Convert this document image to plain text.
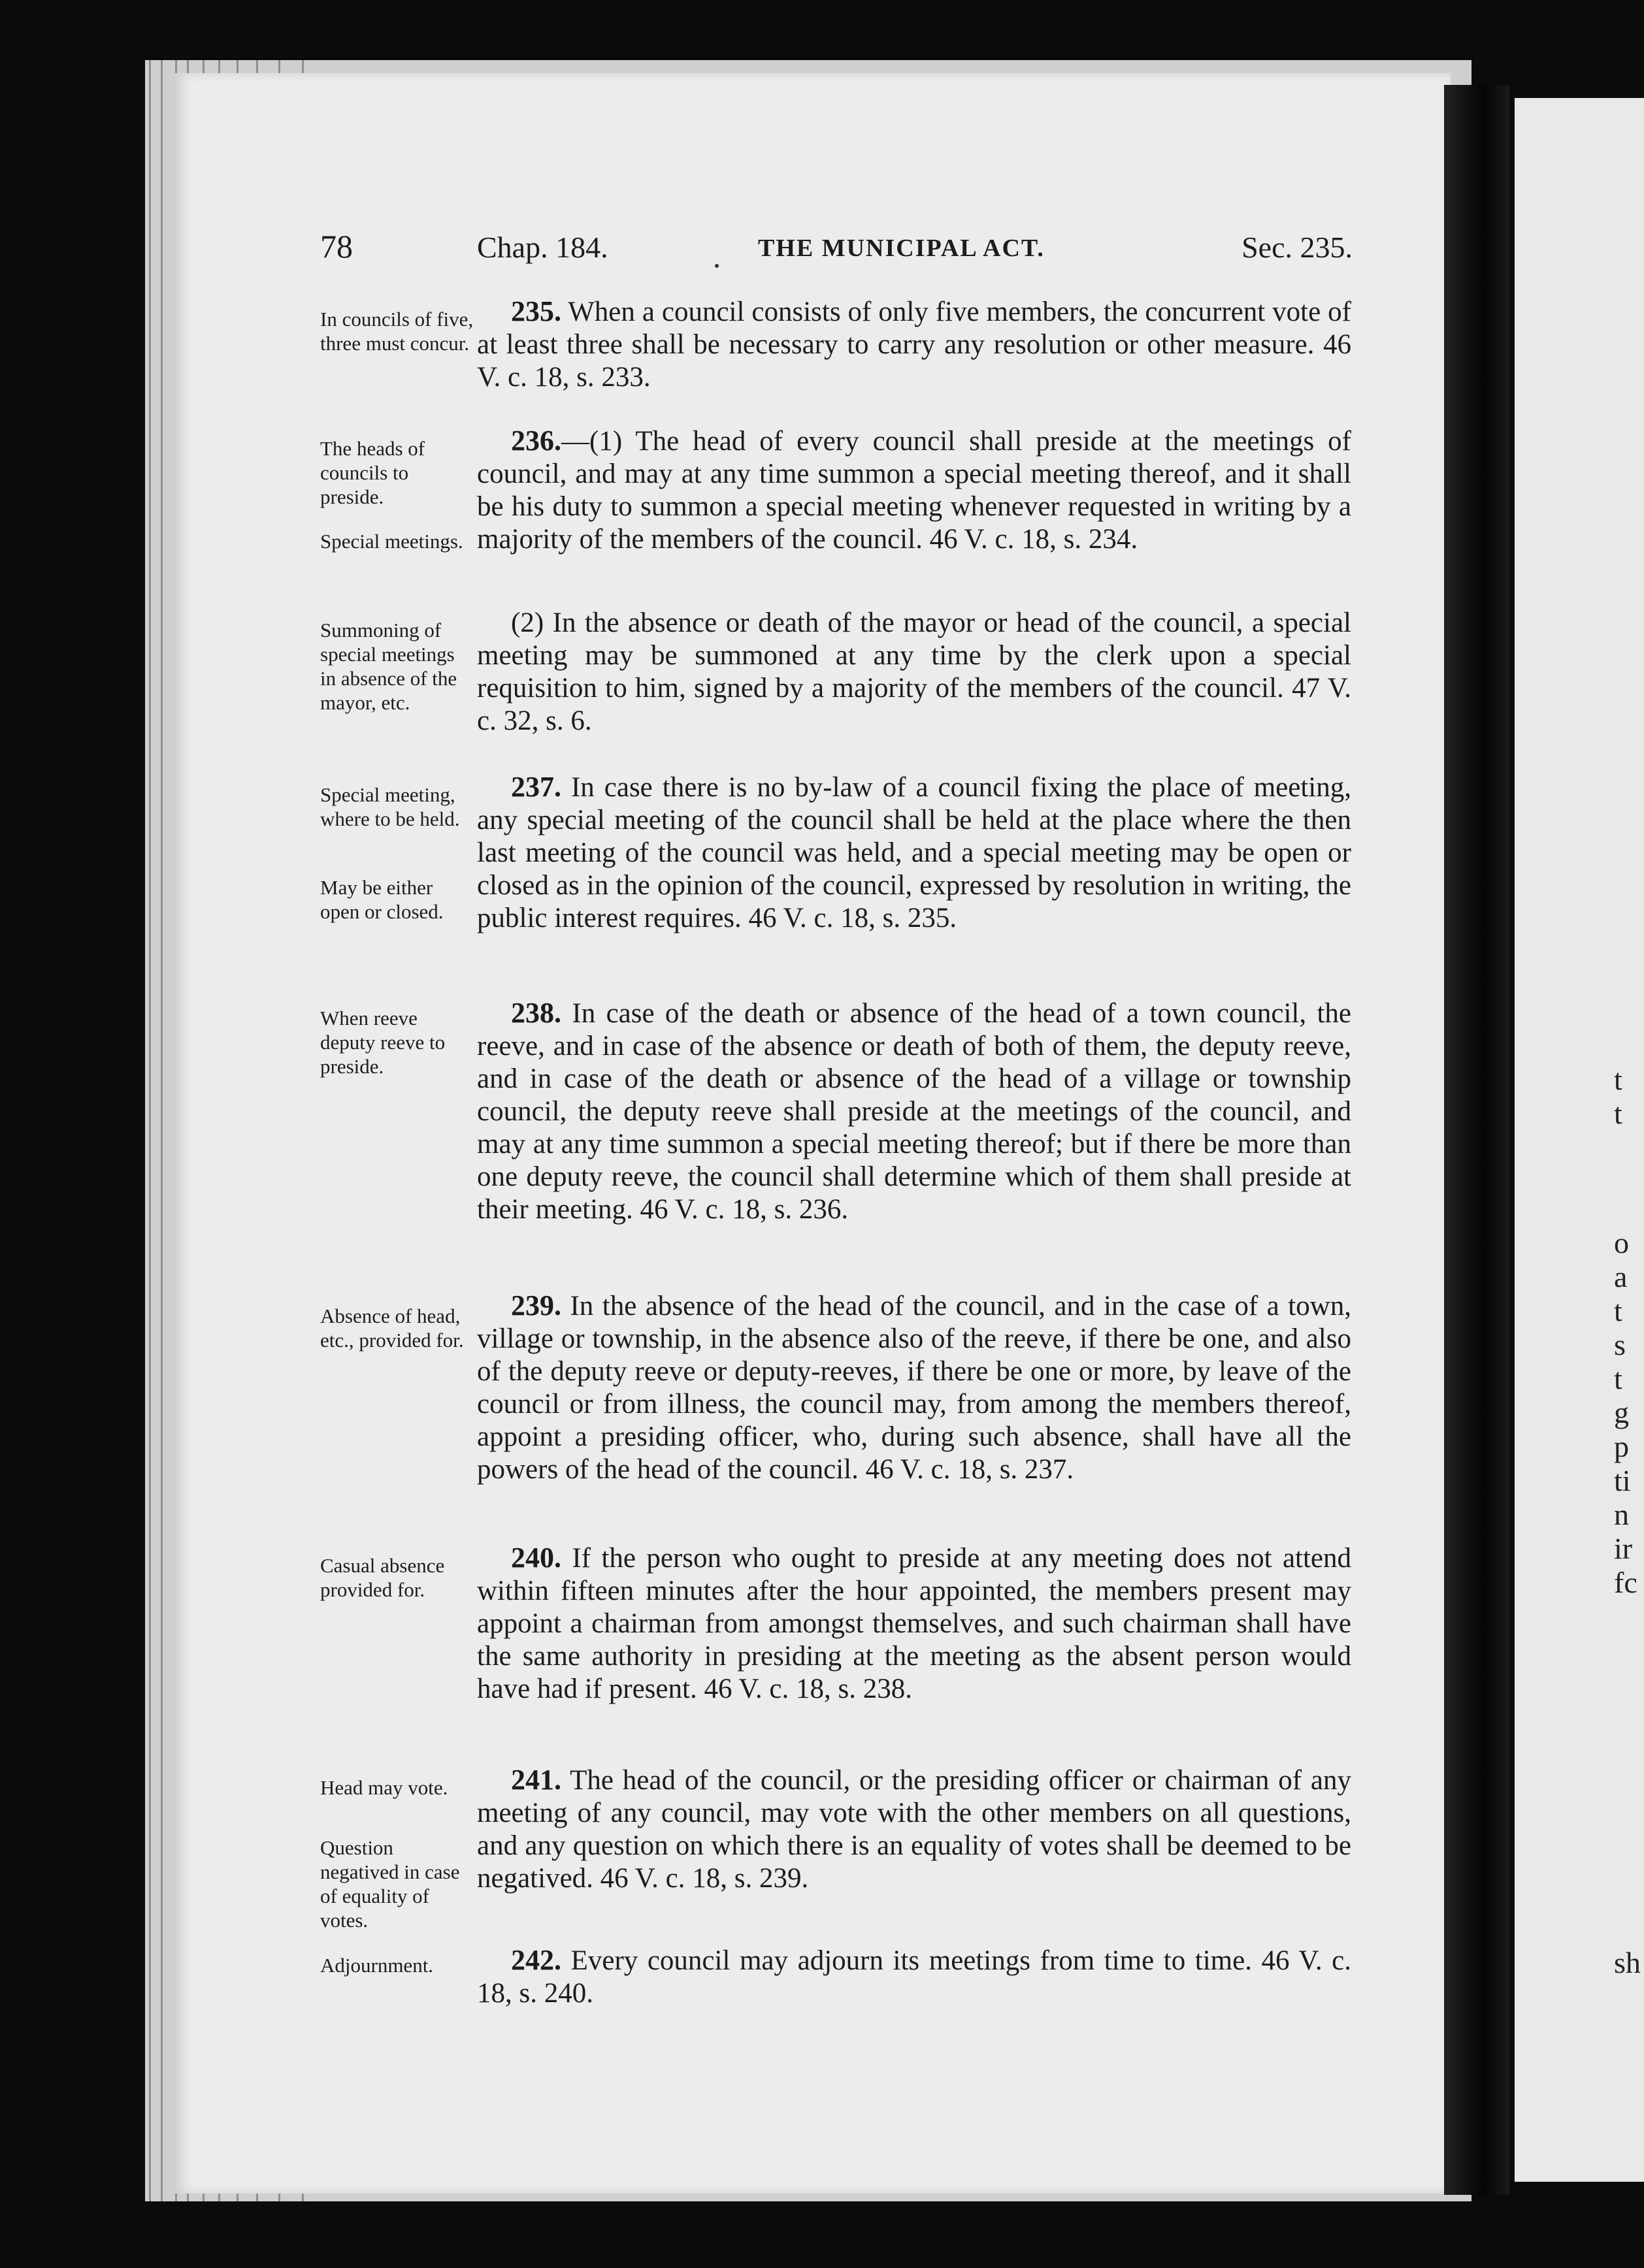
78	Chap. 184.	THE MUNICIPAL ACT.	Sec. 235.
In councils of five, three must concur.
The heads of councils to preside.
Special meetings.
Summoning of special meetings in absence of the mayor, etc.
Special meeting, where to be held.
May be either open or closed.
When reeve deputy reeve to preside.
Absence of head, etc., provided for.
Casual absence provided for.
Head may vote.
Question negatived in case of equality of votes.
Adjournment.
235. When a council consists of only five members, the concurrent vote of at least three shall be necessary to carry any resolution or other measure. 46 V. c. 18, s. 233.
236.—(1) The head of every council shall preside at the meetings of council, and may at any time summon a special meeting thereof, and it shall be his duty to summon a special meeting whenever requested in writing by a majority of the members of the council. 46 V. c. 18, s. 234.
(2) In the absence or death of the mayor or head of the council, a special meeting may be summoned at any time by the clerk upon a special requisition to him, signed by a majority of the members of the council. 47 V. c. 32, s. 6.
237. In case there is no by-law of a council fixing the place of meeting, any special meeting of the council shall be held at the place where the then last meeting of the council was held, and a special meeting may be open or closed as in the opinion of the council, expressed by resolution in writing, the public interest requires. 46 V. c. 18, s. 235.
238. In case of the death or absence of the head of a town council, the reeve, and in case of the absence or death of both of them, the deputy reeve, and in case of the death or absence of the head of a village or township council, the deputy reeve shall preside at the meetings of the council, and may at any time summon a special meeting thereof; but if there be more than one deputy reeve, the council shall determine which of them shall preside at their meeting. 46 V. c. 18, s. 236.
239. In the absence of the head of the council, and in the case of a town, village or township, in the absence also of the reeve, if there be one, and also of the deputy reeve or deputy-reeves, if there be one or more, by leave of the council or from illness, the council may, from among the members thereof, appoint a presiding officer, who, during such absence, shall have all the powers of the head of the council. 46 V. c. 18, s. 237.
240. If the person who ought to preside at any meeting does not attend within fifteen minutes after the hour appointed, the members present may appoint a chairman from amongst themselves, and such chairman shall have the same authority in presiding at the meeting as the absent person would have had if present. 46 V. c. 18, s. 238.
241. The head of the council, or the presiding officer or chairman of any meeting of any council, may vote with the other members on all questions, and any question on which there is an equality of votes shall be deemed to be negatived. 46 V. c. 18, s. 239.
242. Every council may adjourn its meetings from time to time. 46 V. c. 18, s. 240.
t
t
o
a
t
s
t
g
p
ti
n
ir
fc
sh
